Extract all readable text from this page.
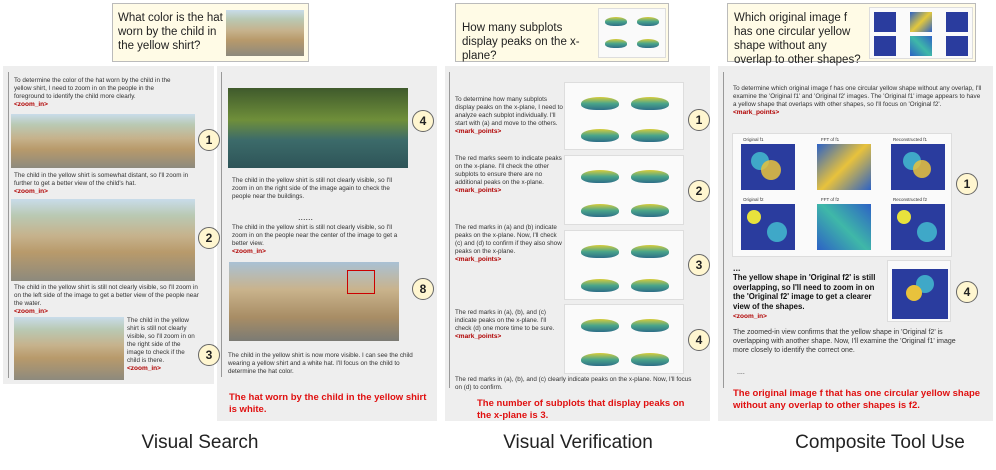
What color is the hat worn by the child in the yellow shirt?
How many subplots display peaks on the x-plane?
Which original image f has one circular yellow shape without any overlap to other shapes?
To determine the color of the hat worn by the child in the yellow shirt, I need to zoom in on the people in the foreground to identify the child more clearly.
<zoom_in>
1
The child in the yellow shirt is somewhat distant, so I'll zoom in further to get a better view of the child's hat.
<zoom_in>
2
The child in the yellow shirt is still not clearly visible, so I'll zoom in on the left side of the image to get a better view of the people near the water.
<zoom_in>
The child in the yellow shirt is still not clearly visible, so I'll zoom in on the right side of the image to check if the child is there.
<zoom_in>
3
4
The child in the yellow shirt is still not clearly visible, so I'll zoom in on the right side of the image again to check the people near the buildings.
......
The child in the yellow shirt is still not clearly visible, so I'll zoom in on the people near the center of the image to get a better view.
<zoom_in>
8
The child in the yellow shirt is now more visible. I can see the child wearing a yellow shirt and a white hat. I'll focus on the child to determine the hat color.
The hat worn by the child in the yellow shirt is white.
Visual Search
To determine how many subplots display peaks on the x-plane, I need to analyze each subplot individually. I'll start with (a) and move to the others.
<mark_points>
1
The red marks seem to indicate peaks on the x-plane. I'll check the other subplots to ensure there are no additional peaks on the x-plane.
<mark_points>	2
The red marks in (a) and (b) indicate peaks on the x-plane. Now, I'll check (c) and (d) to confirm if they also show peaks on the x-plane.
<mark_points>	3
The red marks in (a), (b), and (c) indicate peaks on the x-plane. I'll check (d) one more time to be sure.
<mark_points>	4
The red marks in (a), (b), and (c) clearly indicate peaks on the x-plane. Now, I'll focus on (d) to confirm.
The number of subplots that display peaks on the x-plane is 3.
Visual Verification
To determine which original image f has one circular yellow shape without any overlap, I'll examine the 'Original f1' and 'Original f2' images. The 'Original f1' image appears to have a yellow shape that overlaps with other shapes, so I'll focus on 'Original f2'.
<mark_points>
Original f1	FFT of f1	Reconstructed f1
Original f2	FFT of f2	Reconstructed f2
1
...
The yellow shape in 'Original f2' is still overlapping, so I'll need to zoom in on the 'Original f2' image to get a clearer view of the shapes.
<zoom_in>
4
The zoomed-in view confirms that the yellow shape in 'Original f2' is overlapping with another shape. Now, I'll examine the 'Original f1' image more closely to identify the correct one.
....
The original image f that has one circular yellow shape without any overlap to other shapes is f2.
Composite Tool Use
